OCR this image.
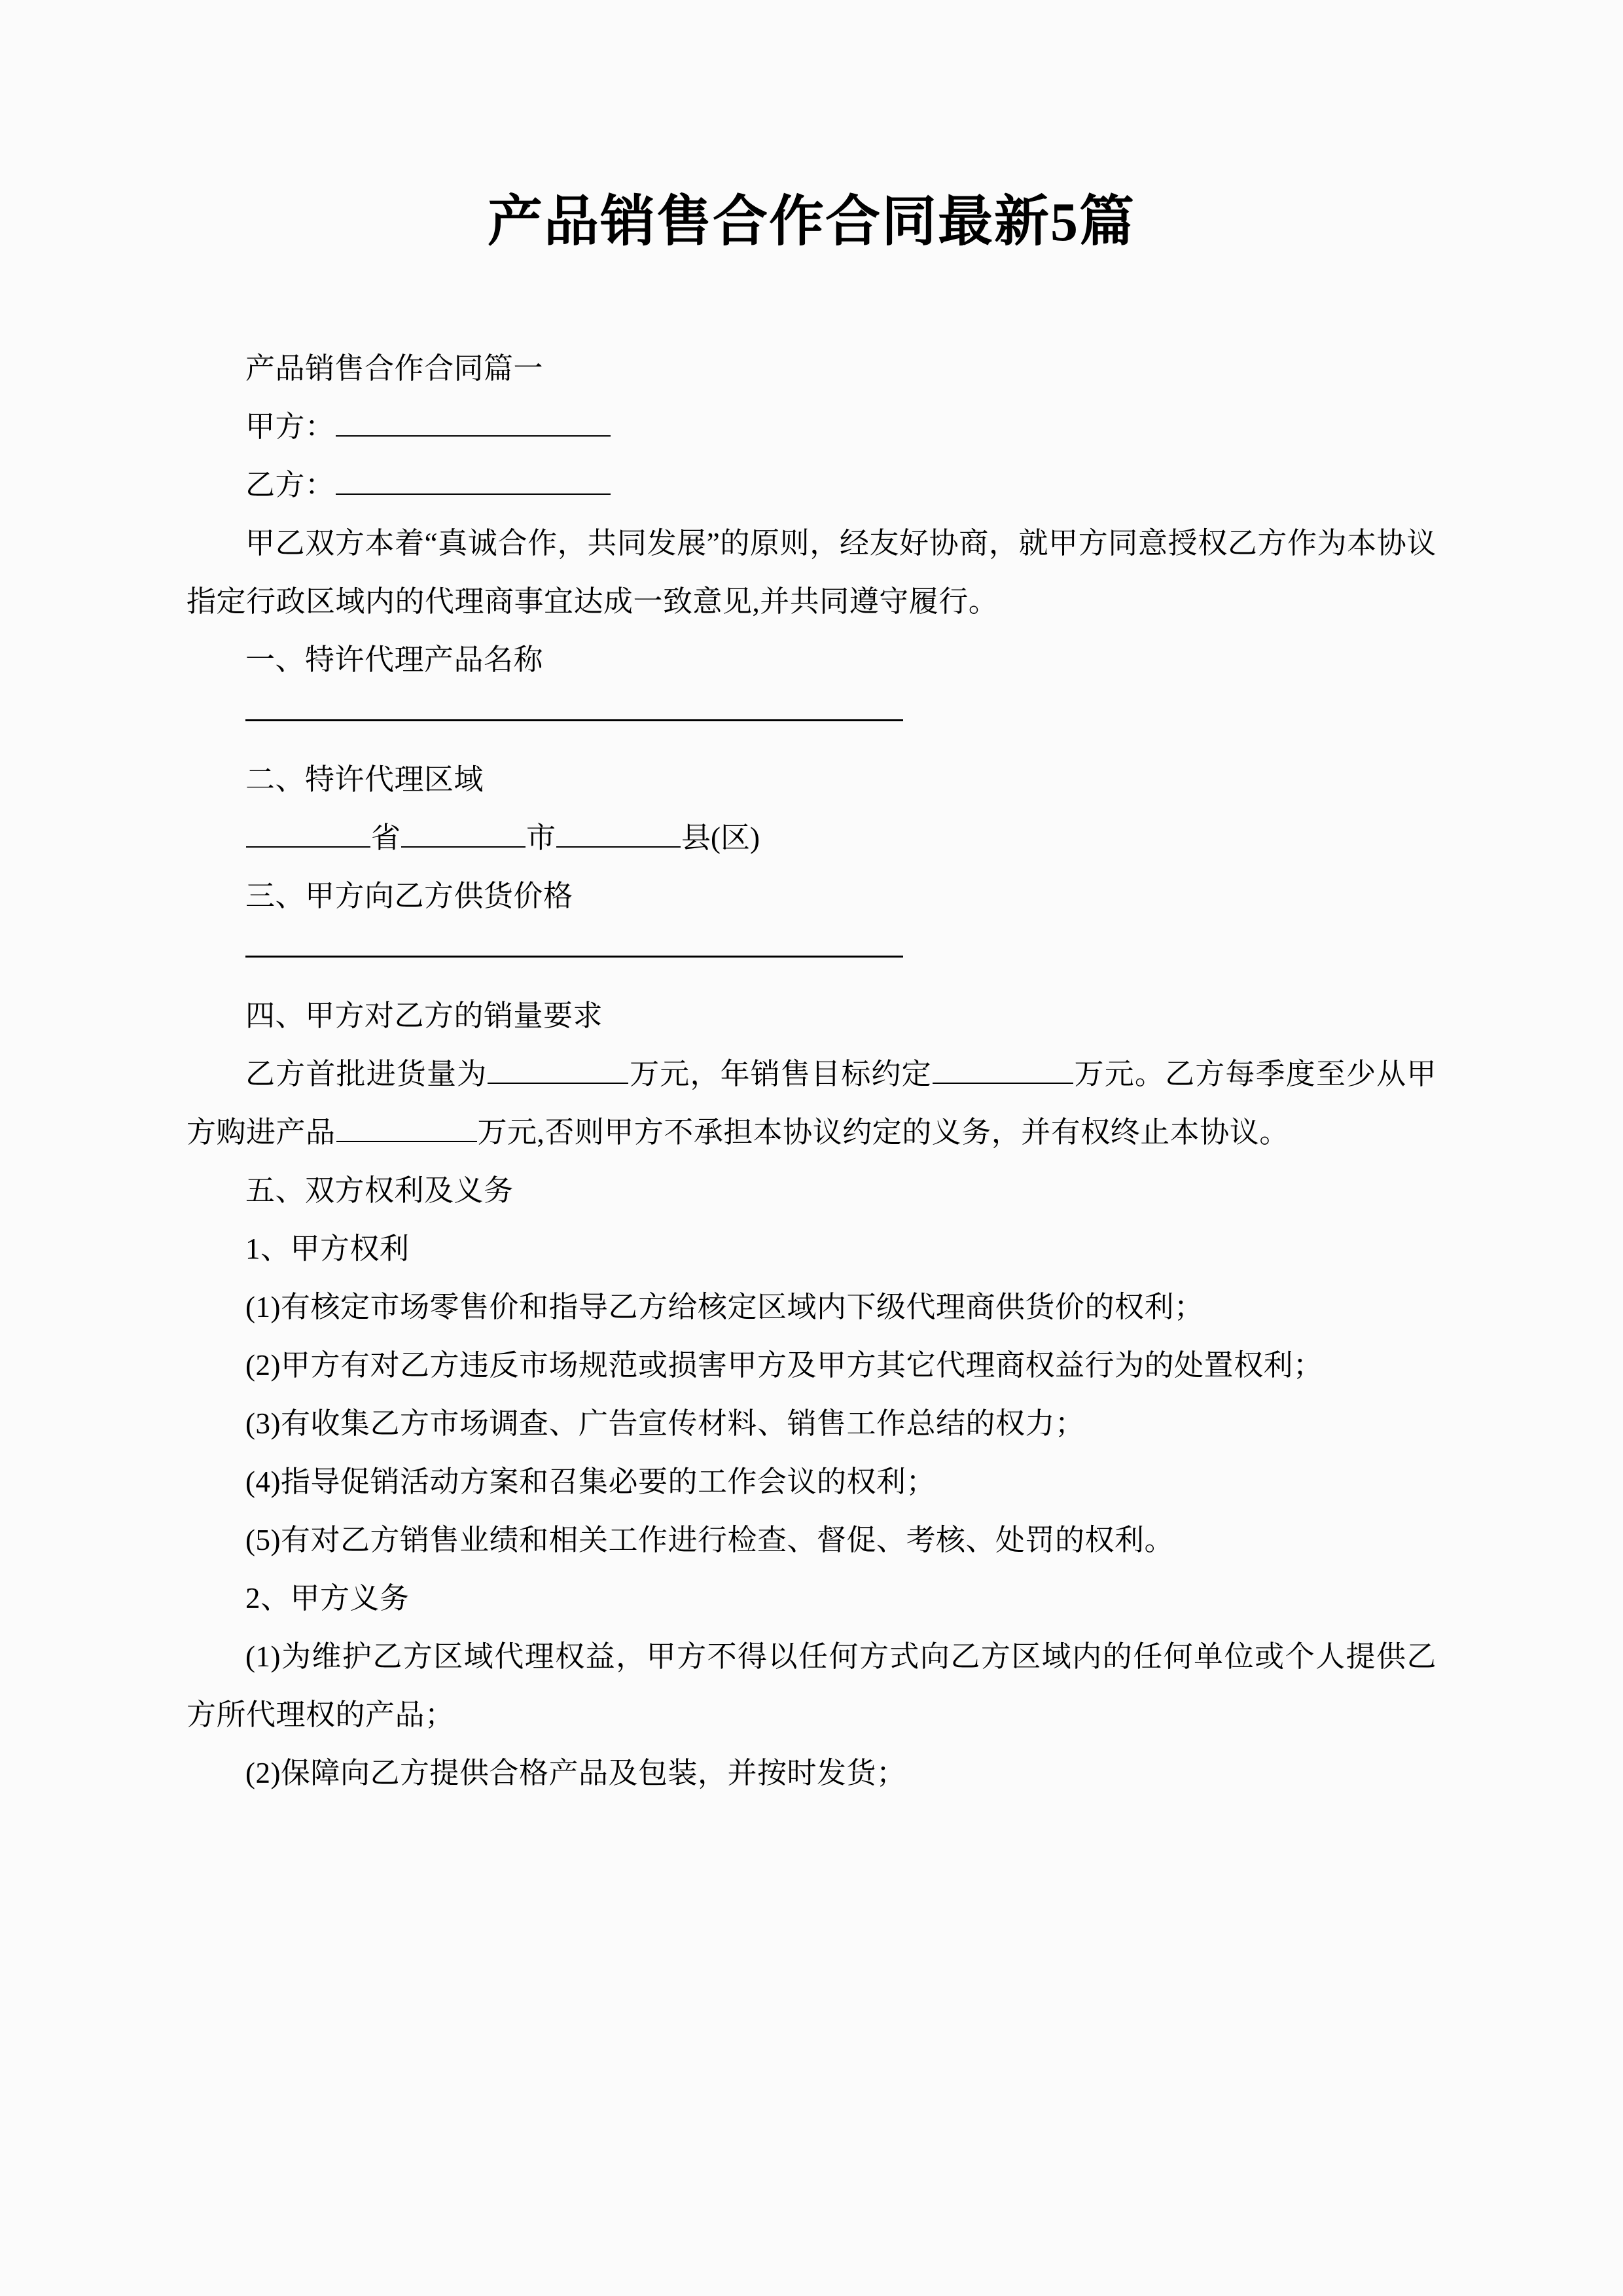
产品销售合作合同最新5篇

产品销售合作合同篇一

甲方：

乙方：

甲乙双方本着“真诚合作，共同发展”的原则，经友好协商，就甲方同意授权乙方作为本协议指定行政区域内的代理商事宜达成一致意见,并共同遵守履行。

一、特许代理产品名称

二、特许代理区域

省	市	县(区)

三、甲方向乙方供货价格

四、甲方对乙方的销量要求

乙方首批进货量为	万元，年销售目标约定	万元。乙方每季度至少从甲方购进产品	万元,否则甲方不承担本协议约定的义务，并有权终止本协议。

五、双方权利及义务

1、甲方权利

(1)有核定市场零售价和指导乙方给核定区域内下级代理商供货价的权利；

(2)甲方有对乙方违反市场规范或损害甲方及甲方其它代理商权益行为的处置权利；

(3)有收集乙方市场调查、广告宣传材料、销售工作总结的权力；

(4)指导促销活动方案和召集必要的工作会议的权利；

(5)有对乙方销售业绩和相关工作进行检查、督促、考核、处罚的权利。

2、甲方义务

(1)为维护乙方区域代理权益，甲方不得以任何方式向乙方区域内的任何单位或个人提供乙方所代理权的产品；

(2)保障向乙方提供合格产品及包装，并按时发货；
